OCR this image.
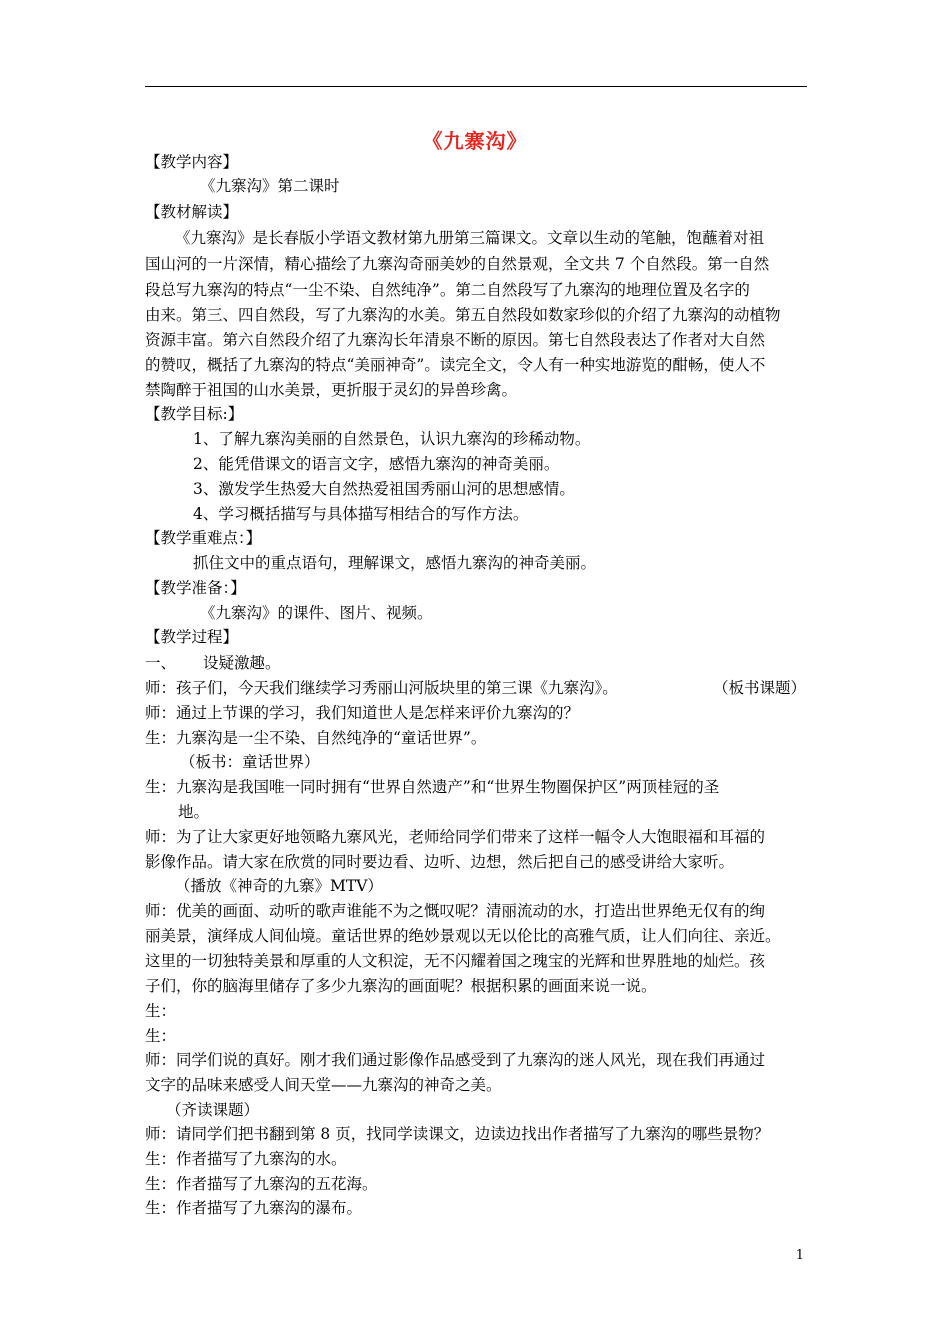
《九寨沟》
【教学内容】
《九寨沟》第二课时
【教材解读】
《九寨沟》是长春版小学语文教材第九册第三篇课文。文章以生动的笔触，饱蘸着对祖
国山河的一片深情，精心描绘了九寨沟奇丽美妙的自然景观，全文共 7 个自然段。第一自然
段总写九寨沟的特点“一尘不染、自然纯净”。第二自然段写了九寨沟的地理位置及名字的
由来。第三、四自然段，写了九寨沟的水美。第五自然段如数家珍似的介绍了九寨沟的动植物
资源丰富。第六自然段介绍了九寨沟长年清泉不断的原因。第七自然段表达了作者对大自然
的赞叹，概括了九寨沟的特点“美丽神奇”。读完全文，令人有一种实地游览的酣畅，使人不
禁陶醉于祖国的山水美景，更折服于灵幻的异兽珍禽。
【教学目标:】
1、了解九寨沟美丽的自然景色，认识九寨沟的珍稀动物。
2、能凭借课文的语言文字，感悟九寨沟的神奇美丽。
3、激发学生热爱大自然热爱祖国秀丽山河的思想感情。
4、学习概括描写与具体描写相结合的写作方法。
【教学重难点：】
抓住文中的重点语句，理解课文，感悟九寨沟的神奇美丽。
【教学准备：】
《九寨沟》的课件、图片、视频。
【教学过程】
一、 设疑激趣。
师：孩子们，今天我们继续学习秀丽山河版块里的第三课《九寨沟》。	（板书课题）
师：通过上节课的学习，我们知道世人是怎样来评价九寨沟的？
生：九寨沟是一尘不染、自然纯净的“童话世界”。
（板书：童话世界）
生：九寨沟是我国唯一同时拥有“世界自然遗产”和“世界生物圈保护区”两顶桂冠的圣
地。
师：为了让大家更好地领略九寨风光，老师给同学们带来了这样一幅令人大饱眼福和耳福的
影像作品。请大家在欣赏的同时要边看、边听、边想，然后把自己的感受讲给大家听。
（播放《神奇的九寨》MTV）
师：优美的画面、动听的歌声谁能不为之慨叹呢？清丽流动的水，打造出世界绝无仅有的绚
丽美景，演绎成人间仙境。童话世界的绝妙景观以无以伦比的高雅气质，让人们向往、亲近。
这里的一切独特美景和厚重的人文积淀，无不闪耀着国之瑰宝的光辉和世界胜地的灿烂。孩
子们，你的脑海里储存了多少九寨沟的画面呢？根据积累的画面来说一说。
生：
生：
师：同学们说的真好。刚才我们通过影像作品感受到了九寨沟的迷人风光，现在我们再通过
文字的品味来感受人间天堂——九寨沟的神奇之美。
（齐读课题）
师：请同学们把书翻到第 8 页，找同学读课文，边读边找出作者描写了九寨沟的哪些景物？
生：作者描写了九寨沟的水。
生：作者描写了九寨沟的五花海。
生：作者描写了九寨沟的瀑布。
1
